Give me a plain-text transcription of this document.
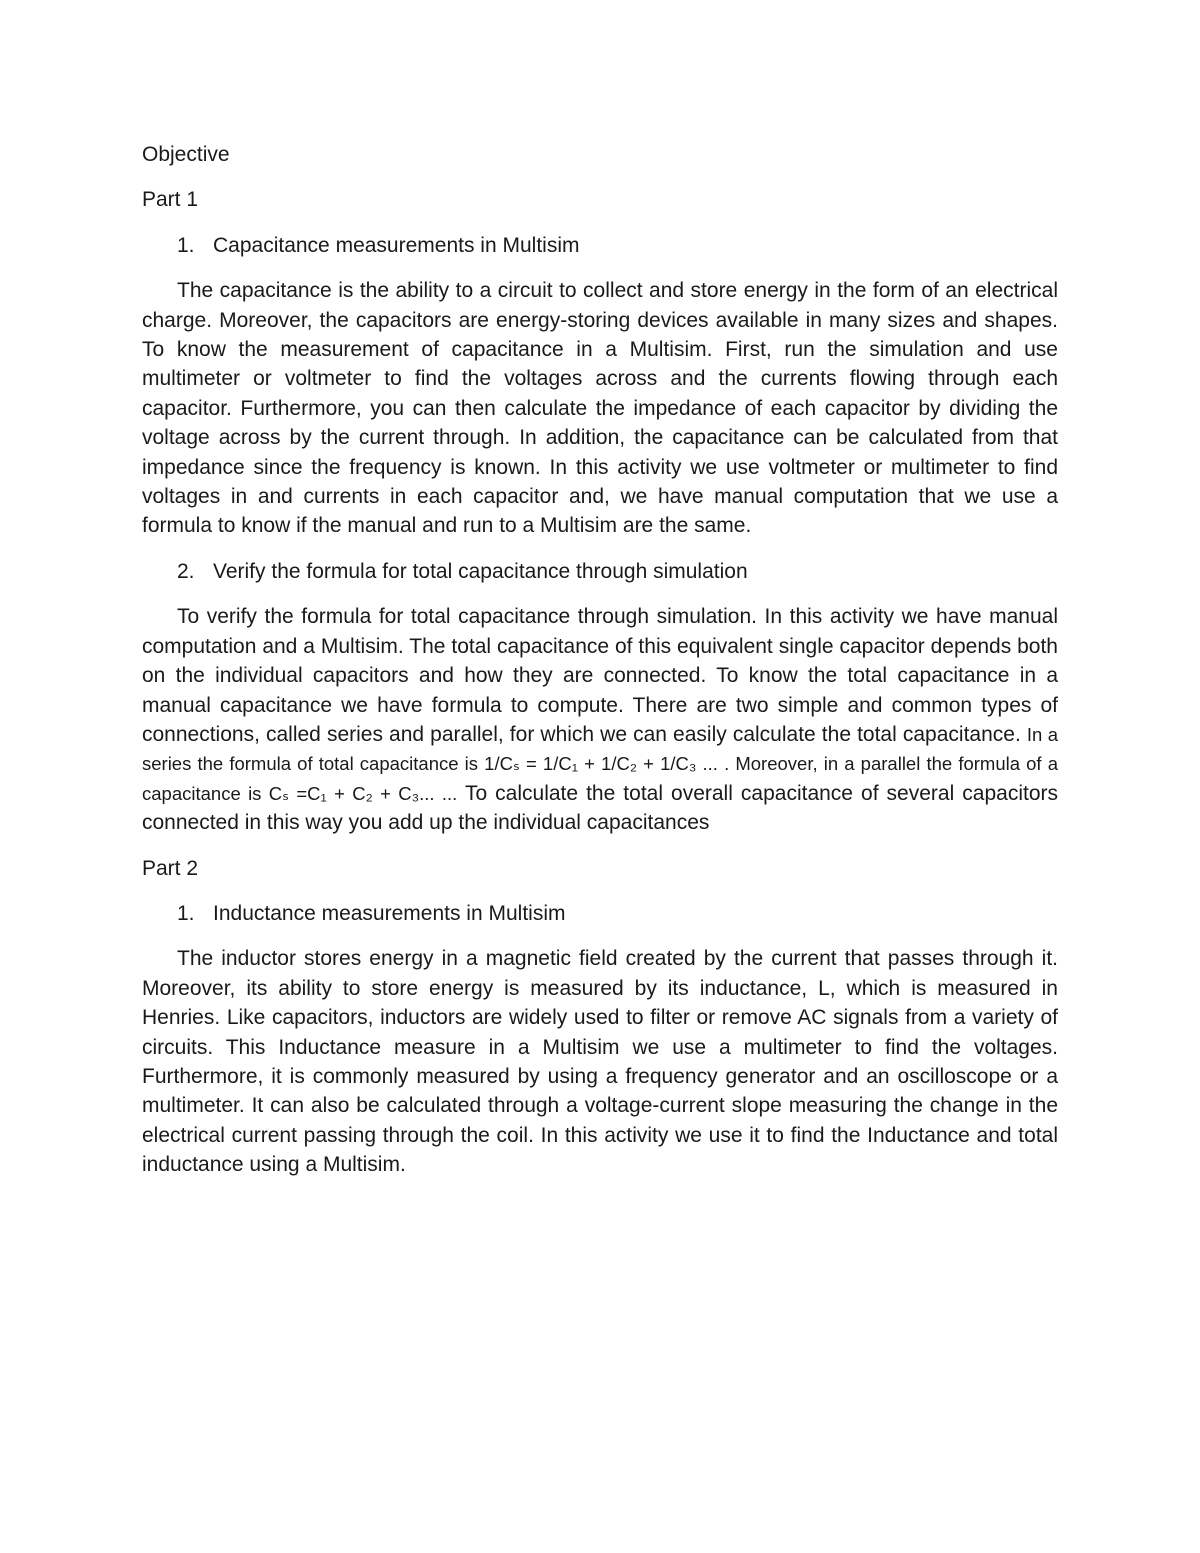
Objective
Part 1
1. Capacitance measurements in Multisim

The capacitance is the ability to a circuit to collect and store energy in the form of an electrical charge. Moreover, the capacitors are energy-storing devices available in many sizes and shapes. To know the measurement of capacitance in a Multisim. First, run the simulation and use multimeter or voltmeter to find the voltages across and the currents flowing through each capacitor. Furthermore, you can then calculate the impedance of each capacitor by dividing the voltage across by the current through. In addition, the capacitance can be calculated from that impedance since the frequency is known. In this activity we use voltmeter or multimeter to find voltages in and currents in each capacitor and, we have manual computation that we use a formula to know if the manual and run to a Multisim are the same.

2. Verify the formula for total capacitance through simulation

To verify the formula for total capacitance through simulation. In this activity we have manual computation and a Multisim. The total capacitance of this equivalent single capacitor depends both on the individual capacitors and how they are connected. To know the total capacitance in a manual capacitance we have formula to compute. There are two simple and common types of connections, called series and parallel, for which we can easily calculate the total capacitance. In a series the formula of total capacitance is 1/Cₛ = 1/C₁ + 1/C₂ + 1/C₃ ... . Moreover, in a parallel the formula of a capacitance is Cₛ =C₁ + C₂ + C₃... ... To calculate the total overall capacitance of several capacitors connected in this way you add up the individual capacitances

Part 2
1. Inductance measurements in Multisim

The inductor stores energy in a magnetic field created by the current that passes through it. Moreover, its ability to store energy is measured by its inductance, L, which is measured in Henries. Like capacitors, inductors are widely used to filter or remove AC signals from a variety of circuits. This Inductance measure in a Multisim we use a multimeter to find the voltages. Furthermore, it is commonly measured by using a frequency generator and an oscilloscope or a multimeter. It can also be calculated through a voltage-current slope measuring the change in the electrical current passing through the coil. In this activity we use it to find the Inductance and total inductance using a Multisim.
